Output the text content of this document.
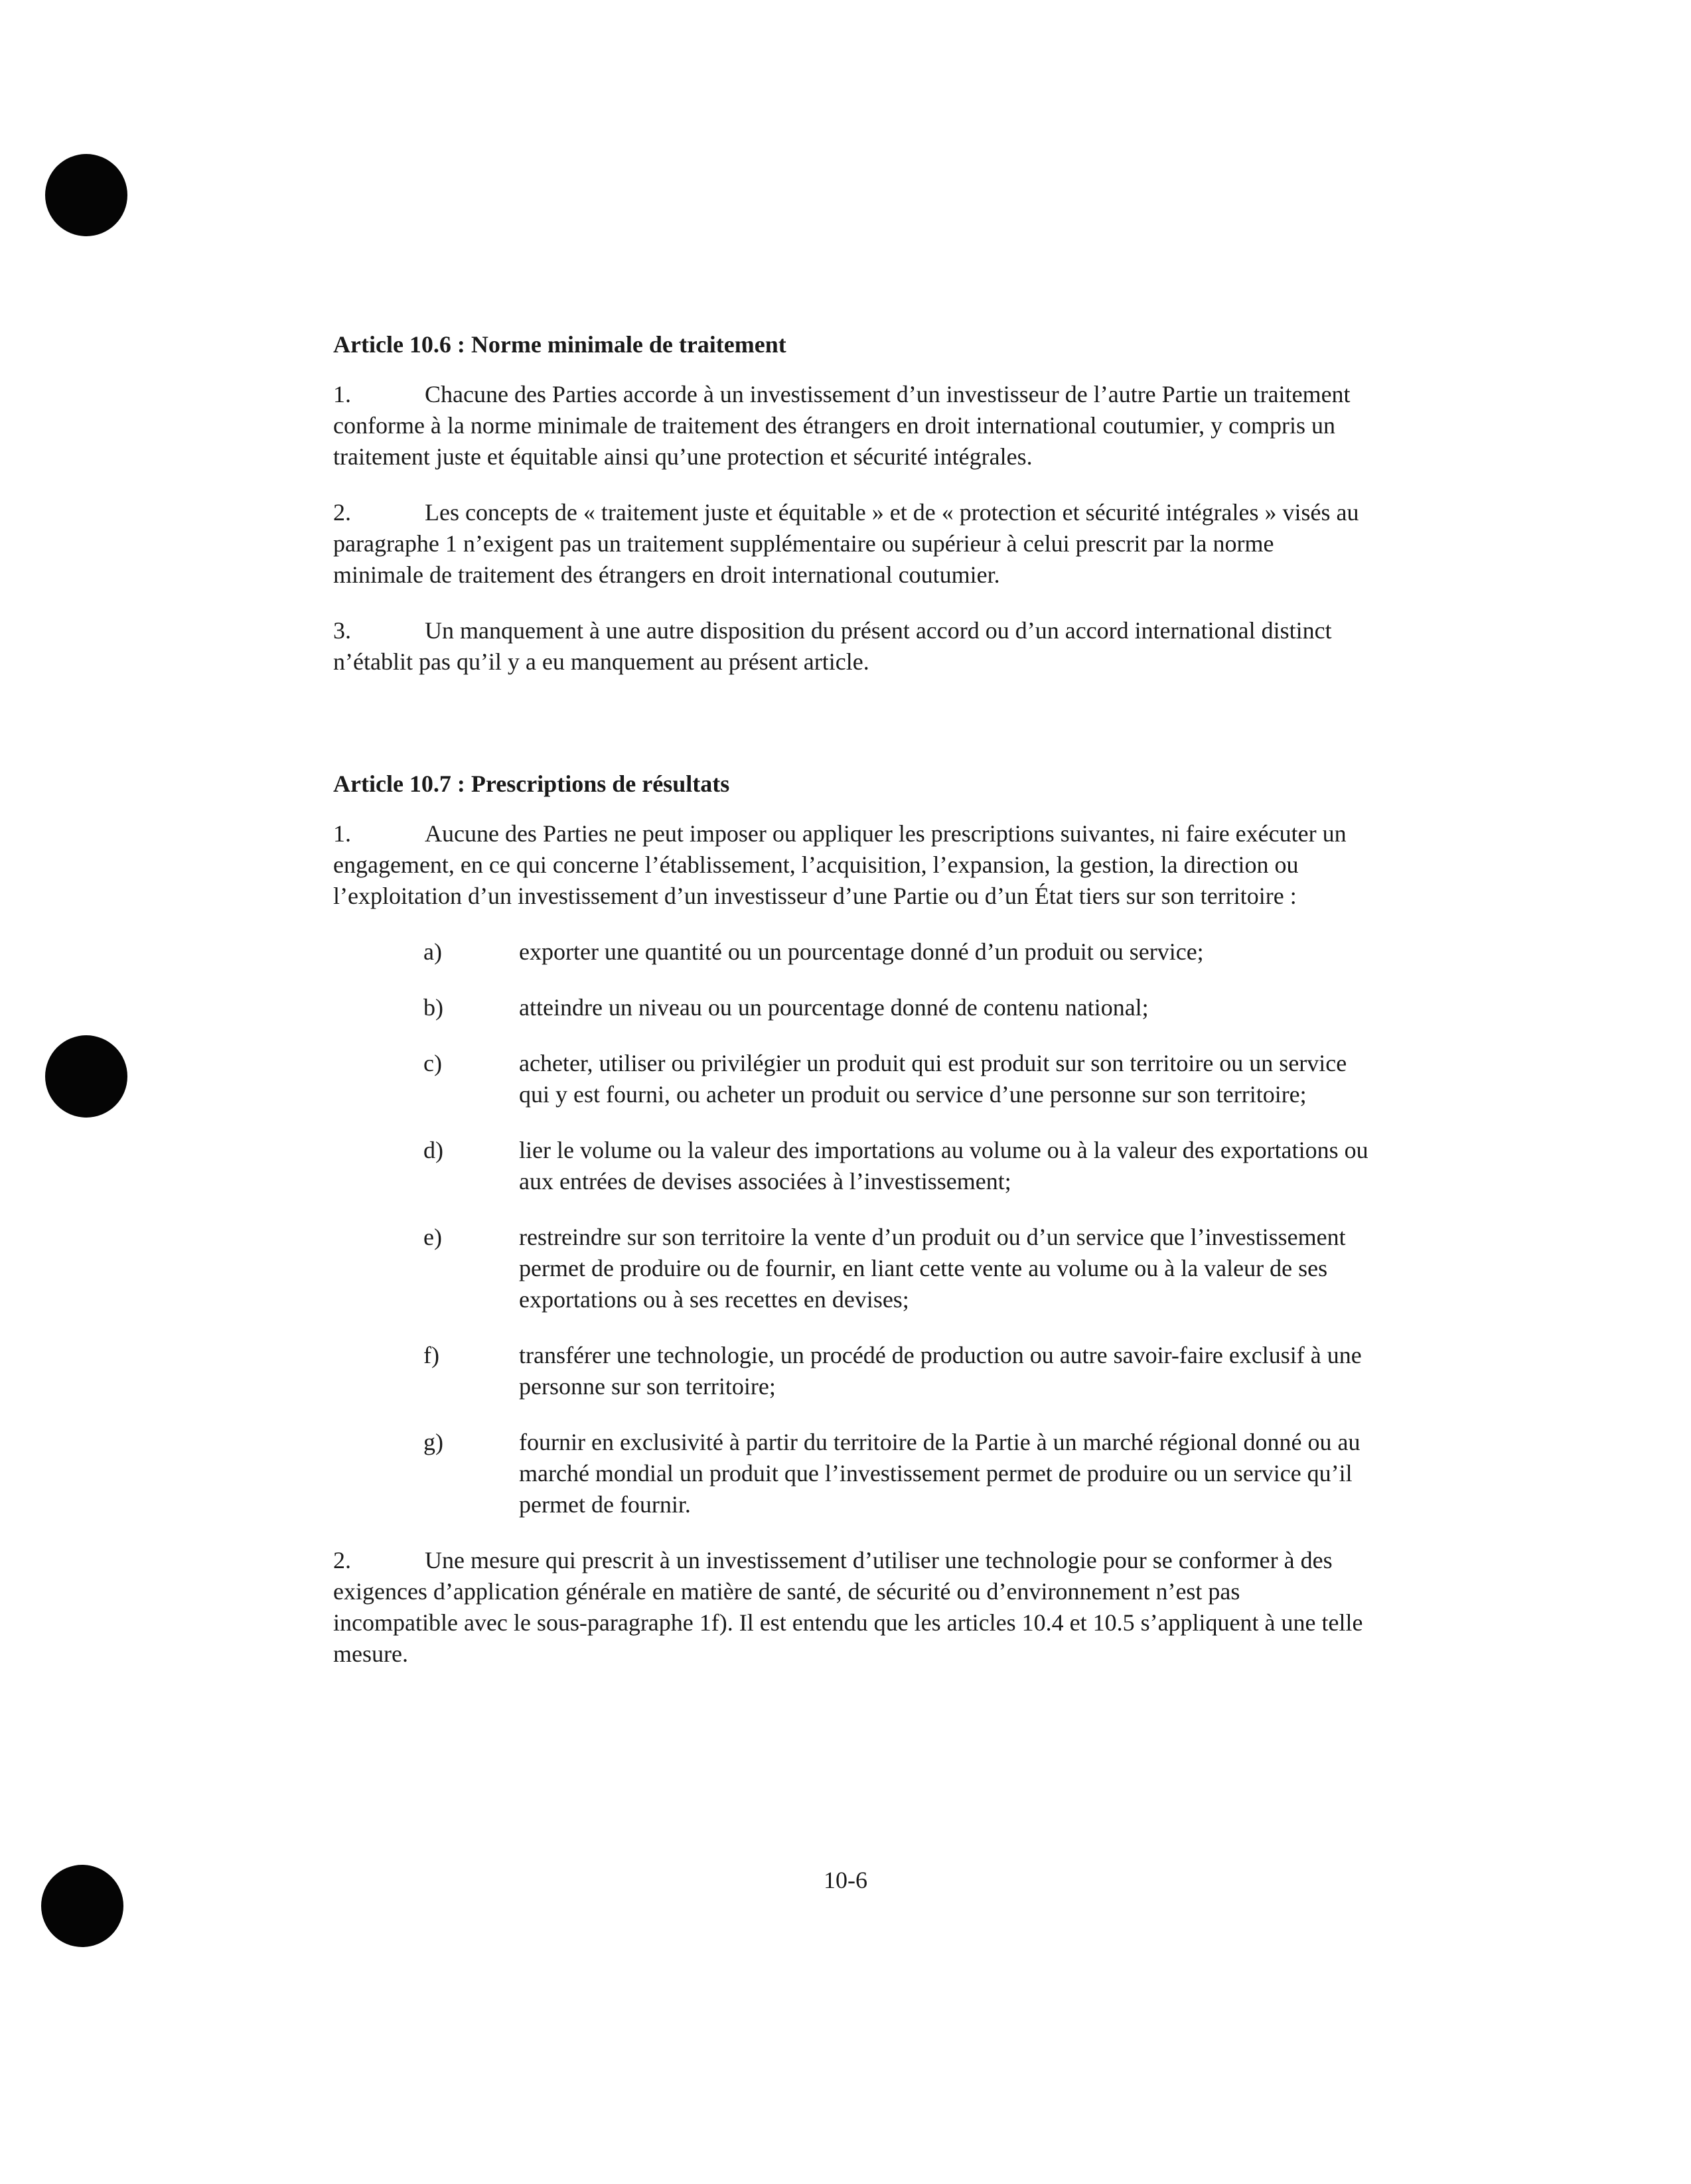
Article 10.6 : Norme minimale de traitement

1.	Chacune des Parties accorde à un investissement d’un investisseur de l’autre Partie un traitement conforme à la norme minimale de traitement des étrangers en droit international coutumier, y compris un traitement juste et équitable ainsi qu’une protection et sécurité intégrales.

2.	Les concepts de « traitement juste et équitable » et de « protection et sécurité intégrales » visés au paragraphe 1 n’exigent pas un traitement supplémentaire ou supérieur à celui prescrit par la norme minimale de traitement des étrangers en droit international coutumier.

3.	Un manquement à une autre disposition du présent accord ou d’un accord international distinct n’établit pas qu’il y a eu manquement au présent article.

Article 10.7 : Prescriptions de résultats

1.	Aucune des Parties ne peut imposer ou appliquer les prescriptions suivantes, ni faire exécuter un engagement, en ce qui concerne l’établissement, l’acquisition, l’expansion, la gestion, la direction ou l’exploitation d’un investissement d’un investisseur d’une Partie ou d’un État tiers sur son territoire :

a)	exporter une quantité ou un pourcentage donné d’un produit ou service;
b)	atteindre un niveau ou un pourcentage donné de contenu national;
c)	acheter, utiliser ou privilégier un produit qui est produit sur son territoire ou un service qui y est fourni, ou acheter un produit ou service d’une personne sur son territoire;
d)	lier le volume ou la valeur des importations au volume ou à la valeur des exportations ou aux entrées de devises associées à l’investissement;
e)	restreindre sur son territoire la vente d’un produit ou d’un service que l’investissement permet de produire ou de fournir, en liant cette vente au volume ou à la valeur de ses exportations ou à ses recettes en devises;
f)	transférer une technologie, un procédé de production ou autre savoir-faire exclusif à une personne sur son territoire;
g)	fournir en exclusivité à partir du territoire de la Partie à un marché régional donné ou au marché mondial un produit que l’investissement permet de produire ou un service qu’il permet de fournir.

2.	Une mesure qui prescrit à un investissement d’utiliser une technologie pour se conformer à des exigences d’application générale en matière de santé, de sécurité ou d’environnement n’est pas incompatible avec le sous-paragraphe 1f). Il est entendu que les articles 10.4 et 10.5 s’appliquent à une telle mesure.

10-6
